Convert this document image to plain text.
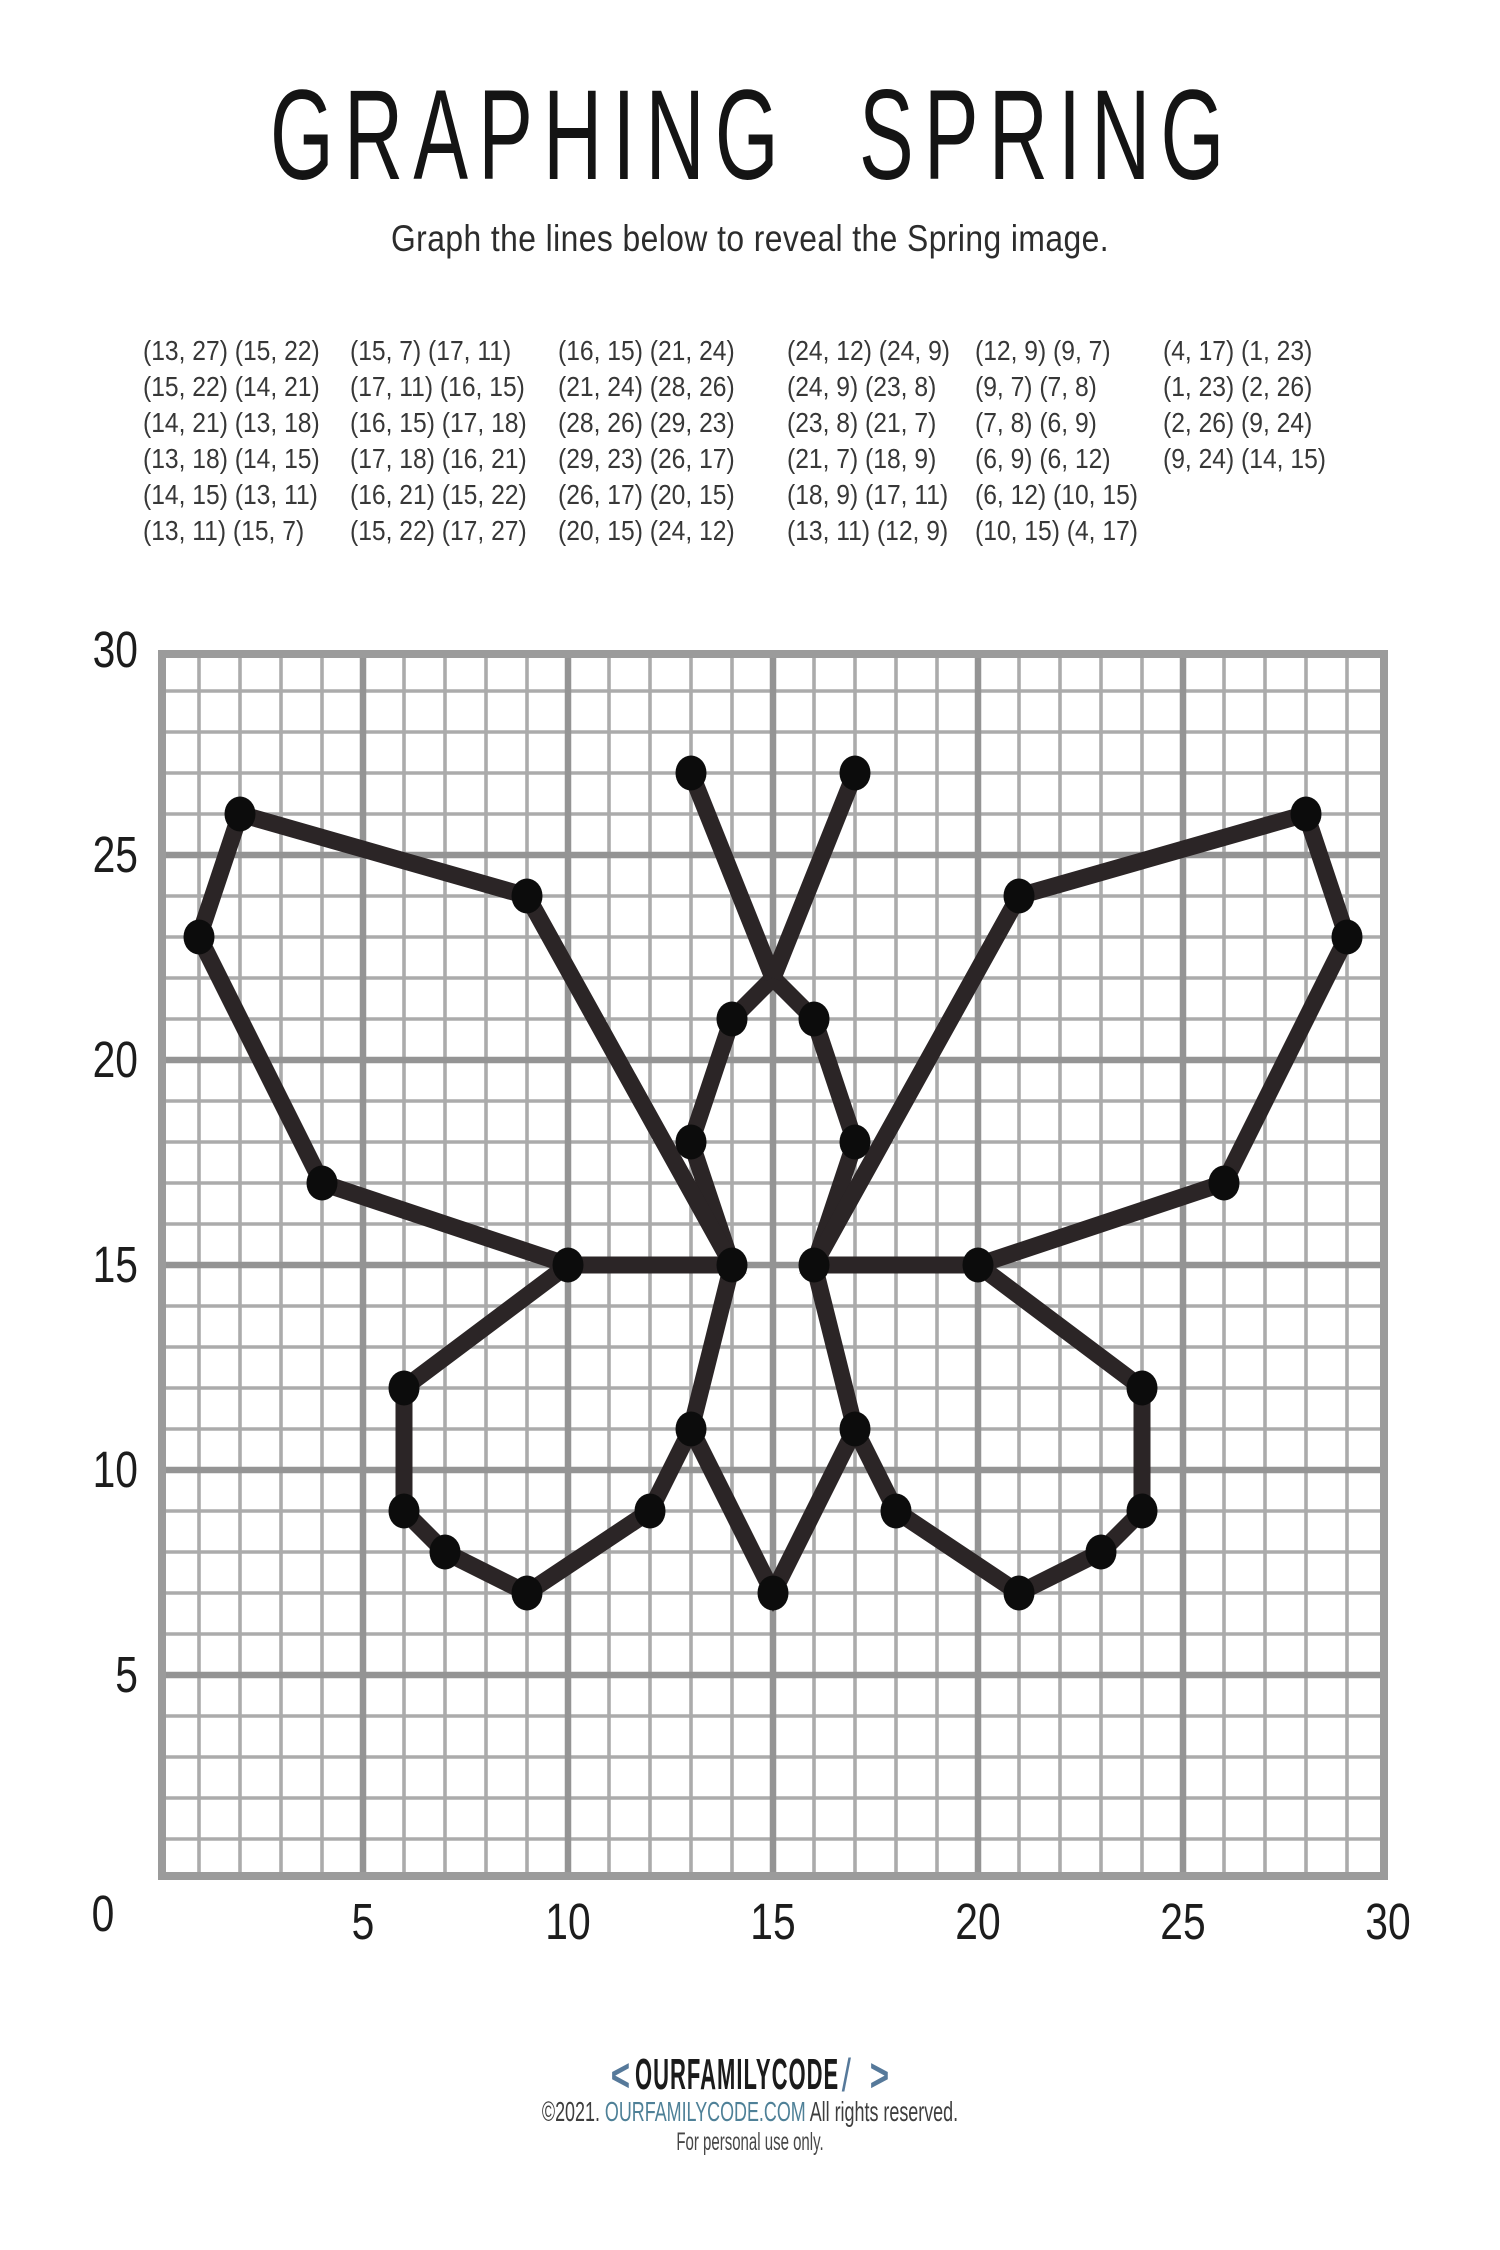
GRAPHING SPRING
Graph the lines below to reveal the Spring image.
(13, 27) (15, 22)
(15, 22) (14, 21)
(14, 21) (13, 18)
(13, 18) (14, 15)
(14, 15) (13, 11)
(13, 11) (15, 7)
(15, 7) (17, 11)
(17, 11) (16, 15)
(16, 15) (17, 18)
(17, 18) (16, 21)
(16, 21) (15, 22)
(15, 22) (17, 27)
(16, 15) (21, 24)
(21, 24) (28, 26)
(28, 26) (29, 23)
(29, 23) (26, 17)
(26, 17) (20, 15)
(20, 15) (24, 12)
(24, 12) (24, 9)
(24, 9) (23, 8)
(23, 8) (21, 7)
(21, 7) (18, 9)
(18, 9) (17, 11)
(13, 11) (12, 9)
(12, 9) (9, 7)
(9, 7) (7, 8)
(7, 8) (6, 9)
(6, 9) (6, 12)
(6, 12) (10, 15)
(10, 15) (4, 17)
(4, 17) (1, 23)
(1, 23) (2, 26)
(2, 26) (9, 24)
(9, 24) (14, 15)
30
25
20
15
10
5
0	5	10	15	20	25	30
< OURFAMILYCODE / >
©2021. OURFAMILYCODE.COM All rights reserved.
For personal use only.
